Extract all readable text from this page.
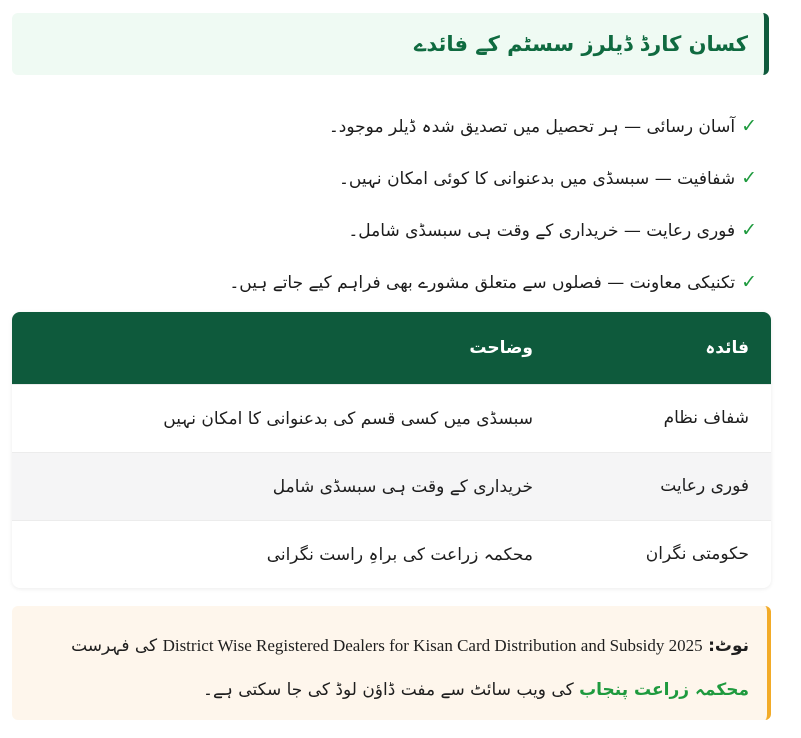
کسان کارڈ ڈیلرز سسٹم کے فائدے
✓
آسان رسائی — ہر تحصیل میں تصدیق شدہ ڈیلر موجود۔
✓
شفافیت — سبسڈی میں بدعنوانی کا کوئی امکان نہیں۔
✓
فوری رعایت — خریداری کے وقت ہی سبسڈی شامل۔
✓
تکنیکی معاونت — فصلوں سے متعلق مشورے بھی فراہم کیے جاتے ہیں۔
فائدہ	وضاحت
شفاف نظام	سبسڈی میں کسی قسم کی بدعنوانی کا امکان نہیں
فوری رعایت	خریداری کے وقت ہی سبسڈی شامل
حکومتی نگران	محکمہ زراعت کی براہِ راست نگرانی
نوٹ: District Wise Registered Dealers for Kisan Card Distribution and Subsidy 2025 کی فہرست محکمہ زراعت پنجاب کی ویب سائٹ سے مفت ڈاؤن لوڈ کی جا سکتی ہے۔
